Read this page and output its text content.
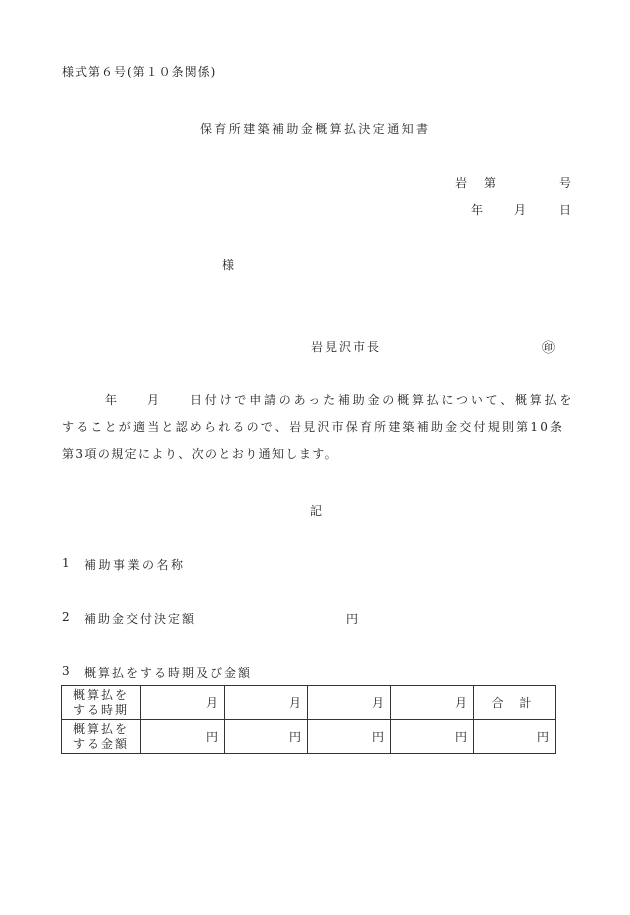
様式第６号(第１０条関係)
保育所建築補助金概算払決定通知書
岩 第	号
年	月	日
様
岩見沢市長	㊞
年 月	日付けで申請のあった補助金の概算払について、概算払を
することが適当と認められるので、岩見沢市保育所建築補助金交付規則第10条
第3項の規定により、次のとおり通知します。
記
1 補助事業の名称
2 補助金交付決定額	円
3 概算払をする時期及び金額
概算払を
する時期	月	月	月	月	合 計

概算払を
する金額	円	円	円	円	円
